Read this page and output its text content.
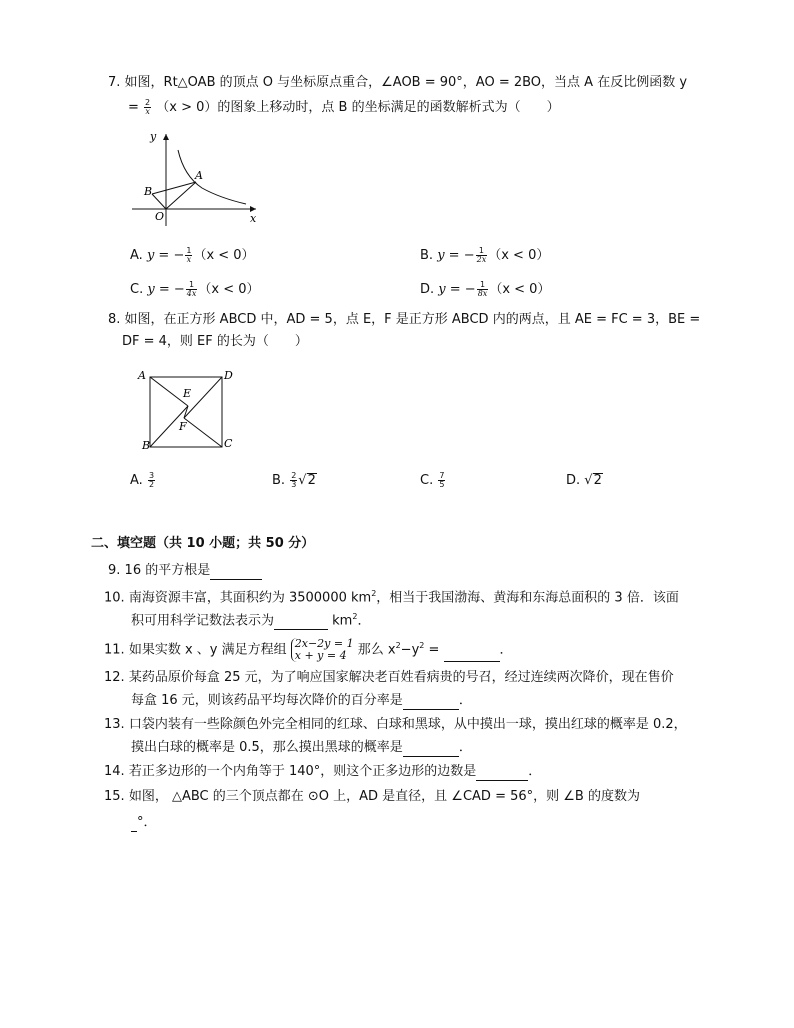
7. 如图，Rt△OAB 的顶点 O 与坐标原点重合，∠AOB = 90°，AO = 2BO，当点 A 在反比例函数 y
= $\frac{2}{x} (x > 0)$的图象上移动时，点 B 的坐标满足的函数解析式为（　　）
y
x
A
B
O
A. y = − $\frac{1}{x} (x < 0)$	B. y = − $\frac{1}{2x} (x < 0)$
C. y = − $\frac{1}{4x} (x < 0)$	D. y = − $\frac{1}{8x} (x < 0)$
8. 如图，在正方形 ABCD 中，AD = 5，点 E，F 是正方形 ABCD 内的两点，且 AE = FC = 3，BE =
DF = 4，则 EF 的长为（　　）
A	D
B	C
E
F
A. $\frac{3}{2}$	B. $\frac{2}{3} √2$	C. $\frac{7}{5}$	D. √2
二、填空题（共 10 小题；共 50 分）
9. 16 的平方根是
10. 南海资源丰富，其面积约为 3500000 $km^2$，相当于我国渤海、黄海和东海总面积的 3 倍．该面
积可用科学记数法表示为	$km^2$．
11. 如果实数 x 、y 满足方程组 2x−2y = 1
x + y = 4 那么 $x^2-y^2$ =	．
12. 某药品原价每盒 25 元，为了响应国家解决老百姓看病贵的号召，经过连续两次降价，现在售价
每盒 16 元，则该药品平均每次降价的百分率是	．
13. 口袋内装有一些除颜色外完全相同的红球、白球和黑球，从中摸出一球，摸出红球的概率是 0.2，
摸出白球的概率是 0.5，那么摸出黑球的概率是	．
14. 若正多边形的一个内角等于 140°，则这个正多边形的边数是	．
15. 如图， △ABC 的三个顶点都在 ⊙O 上，AD 是直径，且 ∠CAD = 56°，则 ∠B 的度数为
°．
